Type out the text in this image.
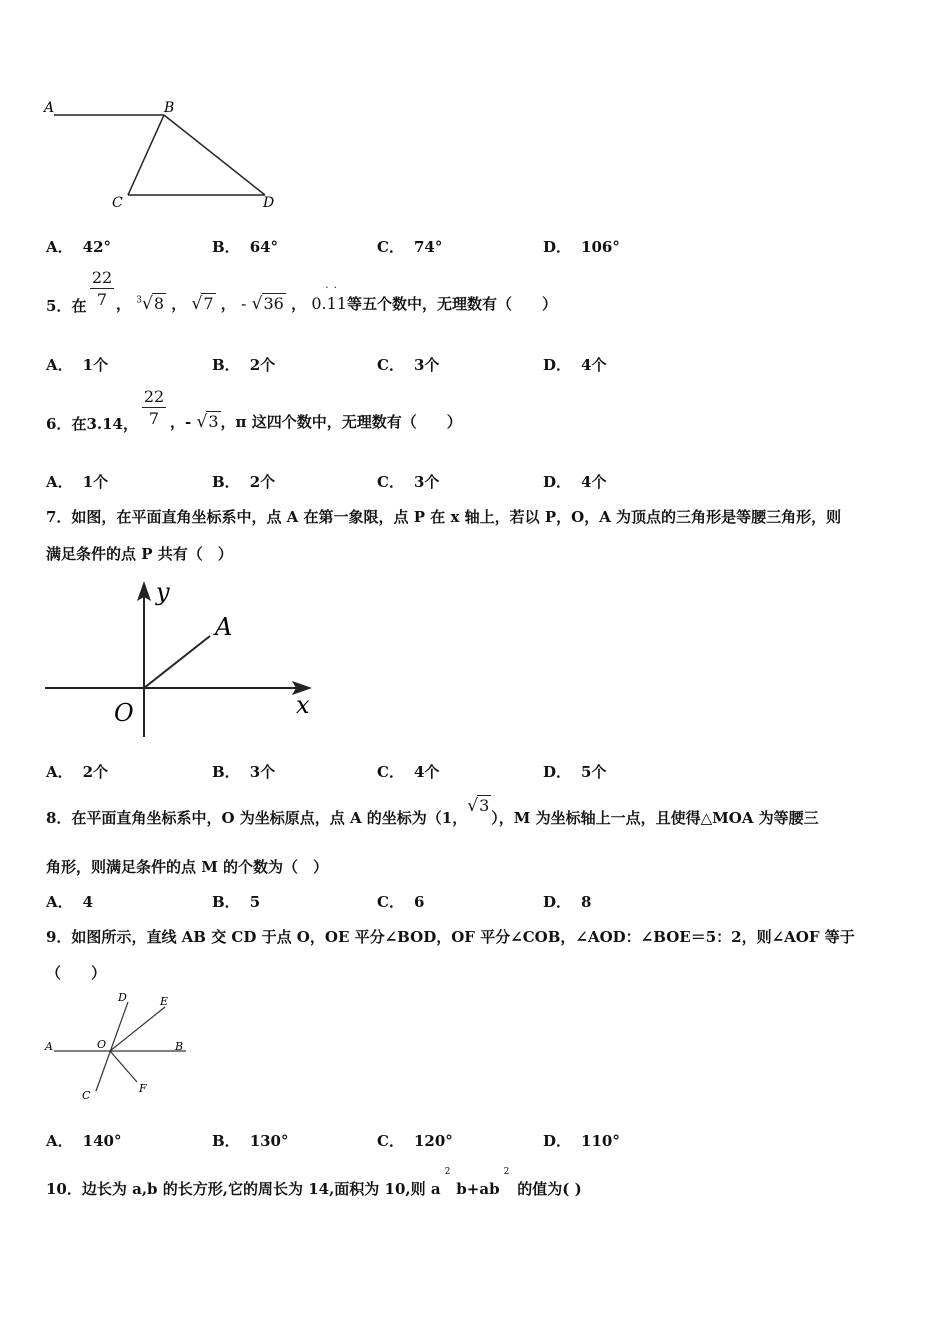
A	B
C	D
A． 42°	B． 64°	C． 74°	D． 106°
5．在
22
7 ， $^3$√8 ， √7 ， - √36 ，
· ·
0.11等五个数中，无理数有（　　）
A． 1个	B． 2个	C． 3个	D． 4个
6．在3.14，
22
7 ，- √3 ，π 这四个数中，无理数有（　　）
A． 1个	B． 2个	C． 3个	D． 4个
7．如图，在平面直角坐标系中，点 A 在第一象限，点 P 在 x 轴上，若以 P，O，A 为顶点的三角形是等腰三角形，则
满足条件的点 P 共有（　）
y
A
O	x
A． 2个	B． 3个	C． 4个	D． 5个
8．在平面直角坐标系中，O 为坐标原点，点 A 的坐标为（1，√3），M 为坐标轴上一点，且使得△MOA 为等腰三
角形，则满足条件的点 M 的个数为（　）
A． 4	B． 5	C． 6	D． 8
9．如图所示，直线 AB 交 CD 于点 O，OE 平分∠BOD，OF 平分∠COB，∠AOD：∠BOE＝5：2，则∠AOF 等于
（　　）
D	E
A	O	B
C
F
A． 140°	B． 130°	C． 120°	D． 110°
10．边长为 a,b 的长方形,它的周长为 14,面积为 10,则 $a^2b+ab^2$的值为( )
